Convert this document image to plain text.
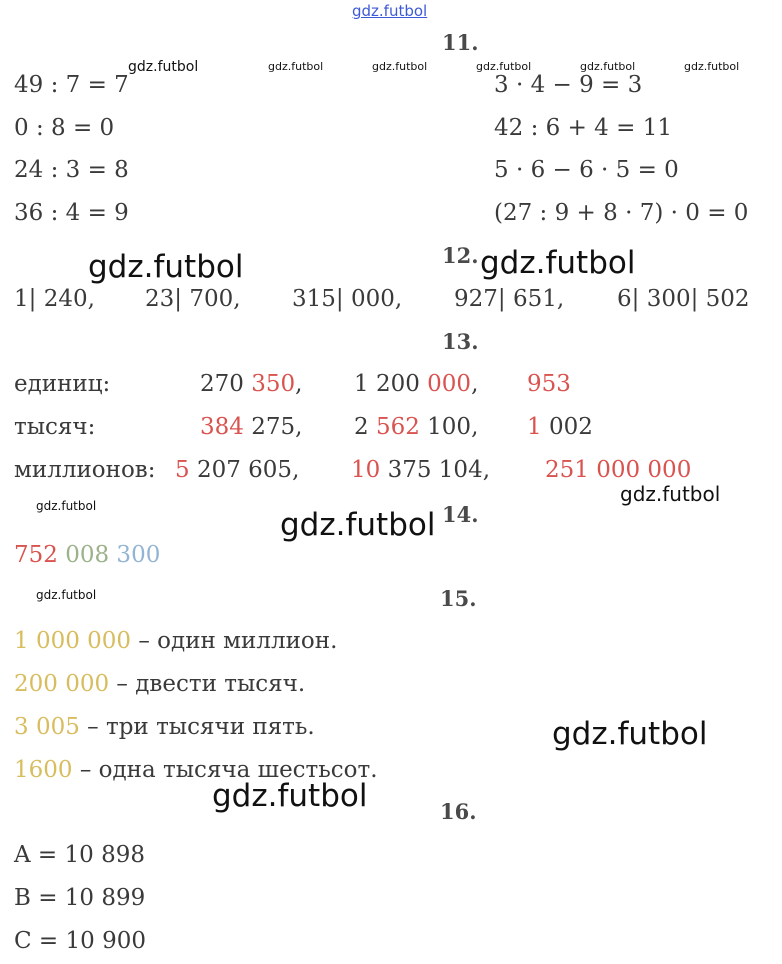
gdz.futbol
11.
gdz.futbol	gdz.futbol	gdz.futbol	gdz.futbol	gdz.futbol	gdz.futbol
49 : 7 = 7
0 : 8 = 0
24 : 3 = 8
36 : 4 = 9
3 · 4 − 9 = 3
42 : 6 + 4 = 11
5 · 6 − 6 · 5 = 0
(27 : 9 + 8 · 7) · 0 = 0
12.
gdz.futbol	gdz.futbol
1| 240, 23| 700, 315| 000, 927| 651, 6| 300| 502
13.
единиц:	270 350, 1 200 000, 953
тысяч:	384 275, 2 562 100, 1 002
миллионов: 5 207 605, 10 375 104, 251 000 000
gdz.futbol
gdz.futbol
gdz.futbol 14.
752 008 300
gdz.futbol	15.
1 000 000 – один миллион.
200 000 – двести тысяч.
3 005 – три тысячи пять.
1600 – одна тысяча шестьсот.
gdz.futbol
gdz.futbol	16.
A = 10 898
B = 10 899
C = 10 900
